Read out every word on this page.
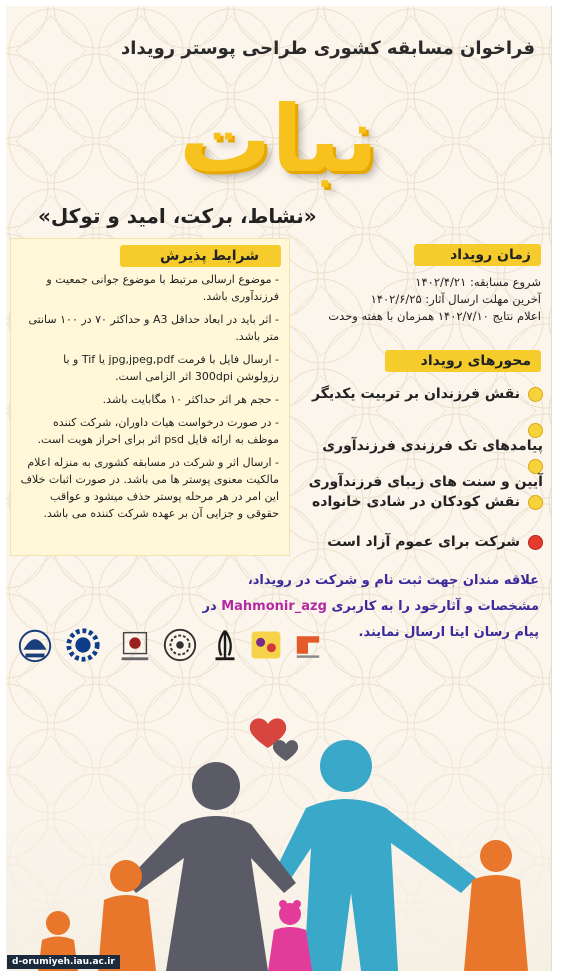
فراخوان مسابقه کشوری طراحی پوستر رویداد
نبات
«نشاط، برکت، امید و توکل»
شرایط پذیرش
- موضوع ارسالی مرتبط با موضوع جوانی جمعیت و فرزندآوری باشد.
- اثر باید در ابعاد حداقل A3 و حداکثر ۷۰ در ۱۰۰ سانتی متر باشد.
- ارسال فایل با فرمت jpg,jpeg,pdf یا Tif و با رزولوشن 300dpi اثر الزامی است.
- حجم هر اثر حداکثر ۱۰ مگابایت باشد.
- در صورت درخواست هیات داوران، شرکت کننده موظف به ارائه فایل psd اثر برای احراز هویت است.
- ارسال اثر و شرکت در مسابقه کشوری به منزله اعلام مالکیت معنوی پوستر ها می باشد. در صورت اثبات خلاف این امر در هر مرحله پوستر حذف میشود و عواقب حقوقی و جزایی آن بر عهده شرکت کننده می باشد.
زمان رویداد
شروع مسابقه: ۱۴۰۲/۴/۲۱
آخرین مهلت ارسال آثار: ۱۴۰۲/۶/۲۵
اعلام نتایج ۱۴۰۲/۷/۱۰ همزمان با هفته وحدت
محورهای رویداد
نقش فرزندان بر تربیت یکدیگر
پیامدهای تک فرزندی فرزندآوری
آیین و سنت های زیبای فرزندآوری
نقش کودکان در شادی خانواده
شرکت برای عموم آزاد است
علاقه مندان جهت ثبت نام و شرکت در رویداد،
مشخصات و آثارخود را به کاربری Mahmonir_azg در
پیام رسان ایتا ارسال نمایند.
d-orumiyeh.iau.ac.ir
